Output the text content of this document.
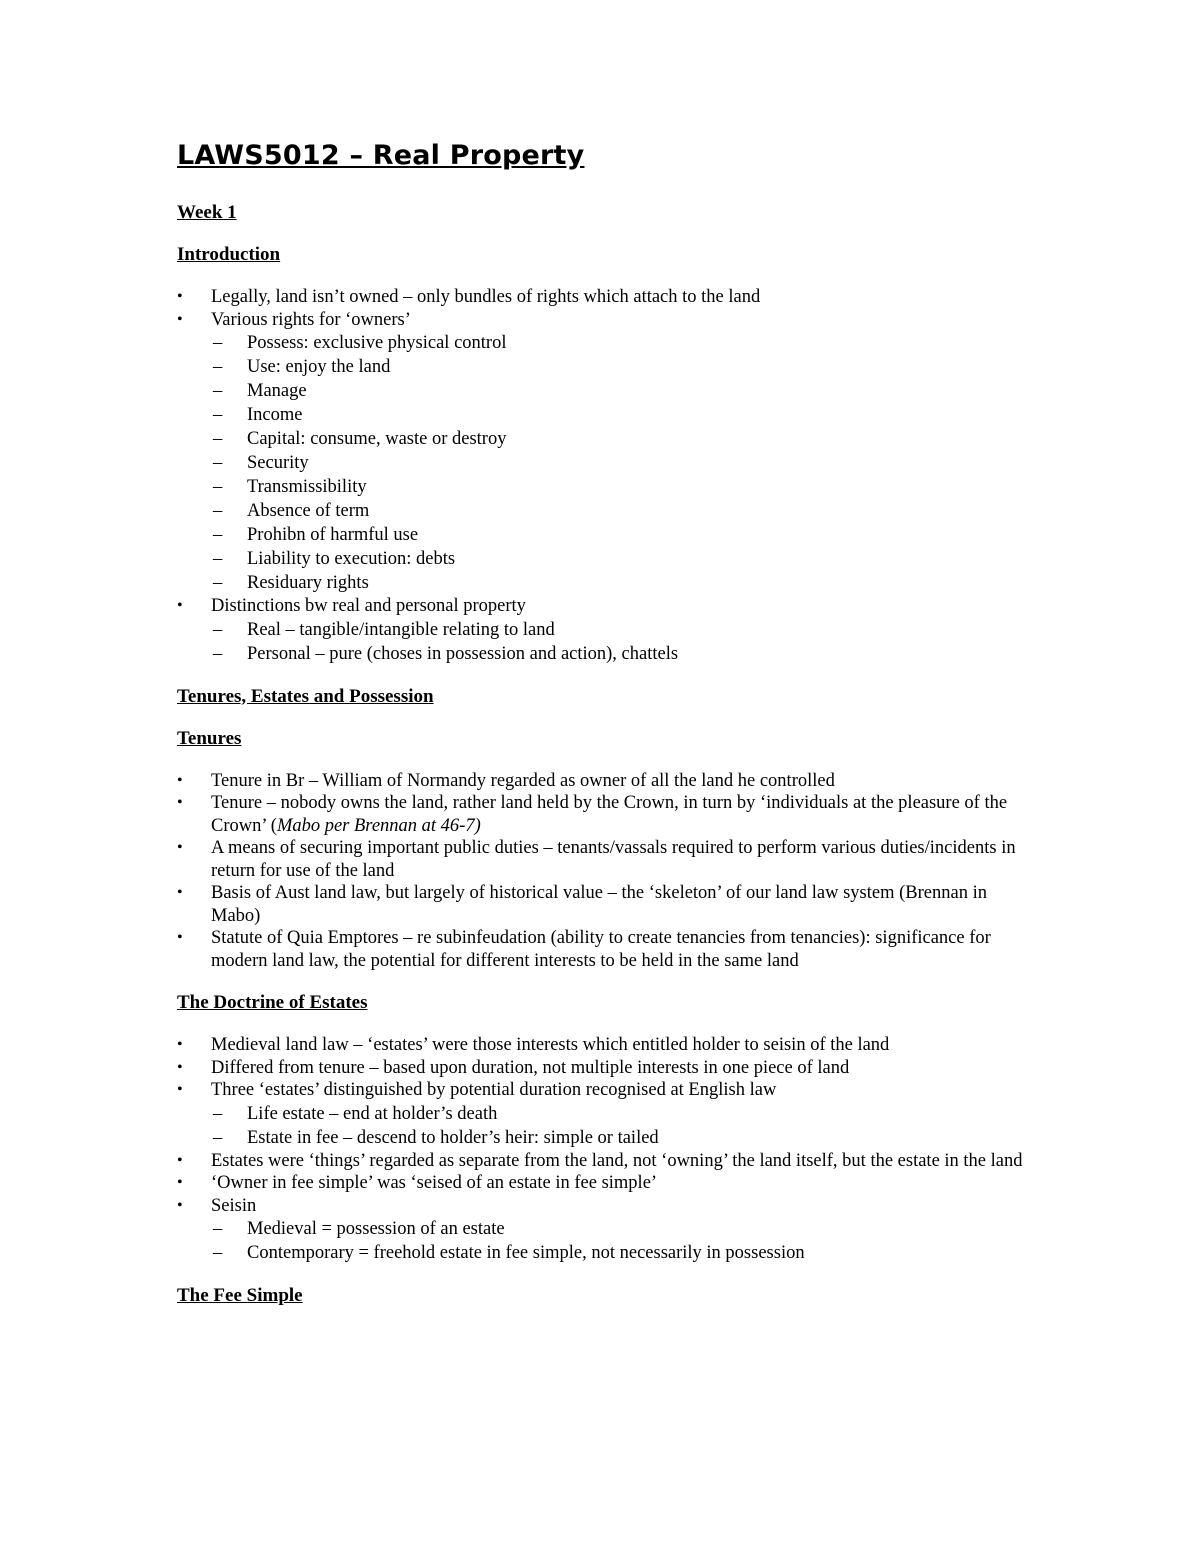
LAWS5012 – Real Property
Week 1
Introduction
•	Legally, land isn’t owned – only bundles of rights which attach to the land
•	Various rights for ‘owners’
– Possess: exclusive physical control
– Use: enjoy the land
– Manage
– Income
– Capital: consume, waste or destroy
– Security
– Transmissibility
– Absence of term
– Prohibn of harmful use
– Liability to execution: debts
– Residuary rights
•	Distinctions bw real and personal property
– Real – tangible/intangible relating to land
– Personal – pure (choses in possession and action), chattels
Tenures, Estates and Possession
Tenures
•	Tenure in Br – William of Normandy regarded as owner of all the land he controlled
•	Tenure – nobody owns the land, rather land held by the Crown, in turn by ‘individuals at the pleasure of the Crown’ (Mabo per Brennan at 46-7)
•	A means of securing important public duties – tenants/vassals required to perform various duties/incidents in return for use of the land
•	Basis of Aust land law, but largely of historical value – the ‘skeleton’ of our land law system (Brennan in Mabo)
•	Statute of Quia Emptores – re subinfeudation (ability to create tenancies from tenancies): significance for modern land law, the potential for different interests to be held in the same land
The Doctrine of Estates
•	Medieval land law – ‘estates’ were those interests which entitled holder to seisin of the land
•	Differed from tenure – based upon duration, not multiple interests in one piece of land
•	Three ‘estates’ distinguished by potential duration recognised at English law
– Life estate – end at holder’s death
– Estate in fee – descend to holder’s heir: simple or tailed
•	Estates were ‘things’ regarded as separate from the land, not ‘owning’ the land itself, but the estate in the land
•	‘Owner in fee simple’ was ‘seised of an estate in fee simple’
•	Seisin
– Medieval = possession of an estate
– Contemporary = freehold estate in fee simple, not necessarily in possession
The Fee Simple
